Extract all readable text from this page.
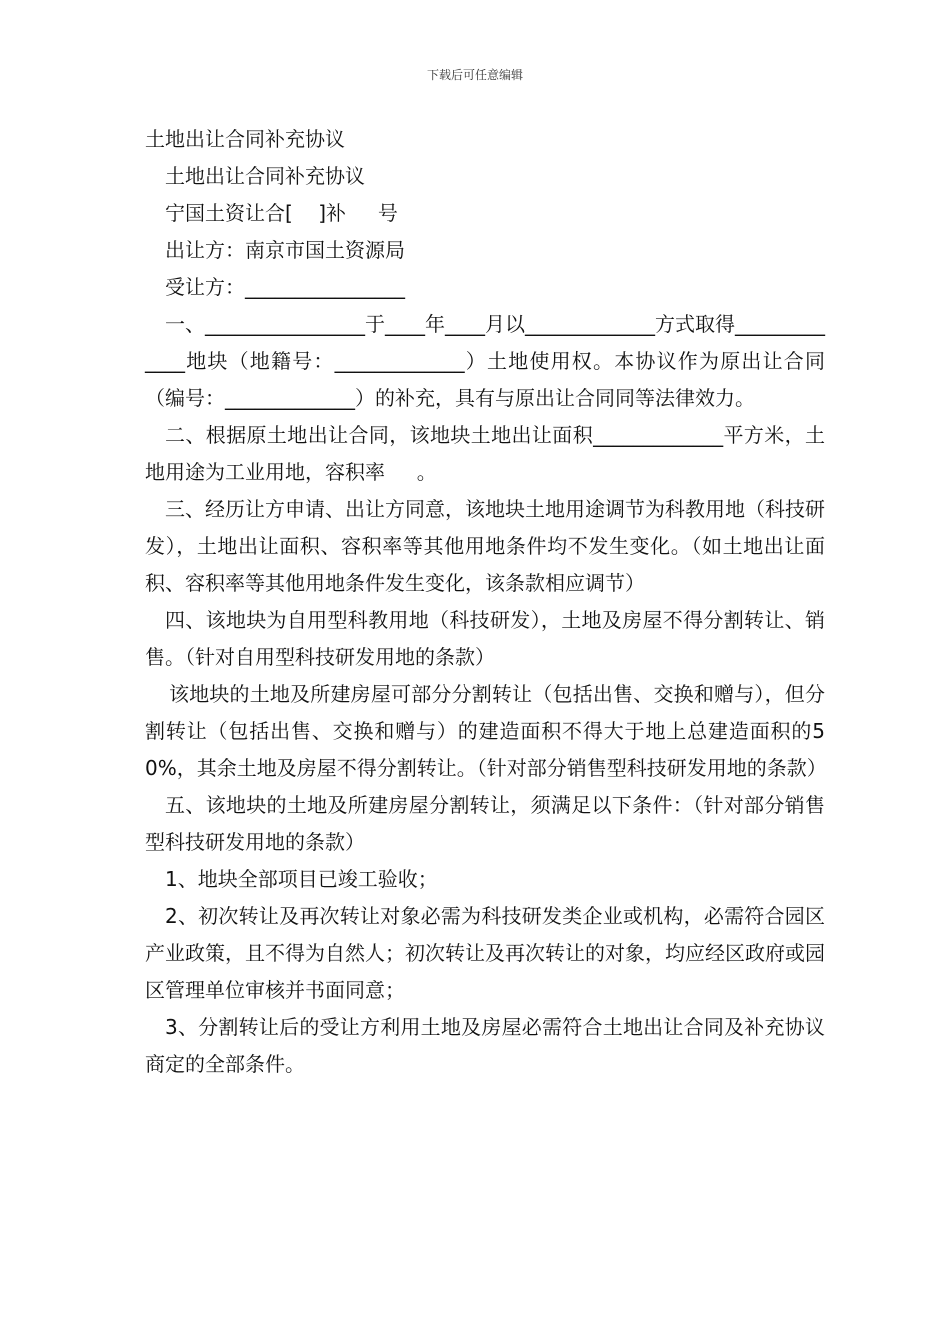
下载后可任意编辑

土地出让合同补充协议

土地出让合同补充协议

宁国土资让合[    ]补     号

出让方：南京市国土资源局

受让方：________________

一、________________于____年____月以_____________方式取得_____________地块（地籍号：_____________）土地使用权。本协议作为原出让合同（编号：_____________）的补充，具有与原出让合同同等法律效力。

二、根据原土地出让合同，该地块土地出让面积_____________平方米，土地用途为工业用地，容积率     。

三、经历让方申请、出让方同意，该地块土地用途调节为科教用地（科技研发），土地出让面积、容积率等其他用地条件均不发生变化。（如土地出让面积、容积率等其他用地条件发生变化，该条款相应调节）

四、该地块为自用型科教用地（科技研发），土地及房屋不得分割转让、销售。（针对自用型科技研发用地的条款）

该地块的土地及所建房屋可部分分割转让（包括出售、交换和赠与），但分割转让（包括出售、交换和赠与）的建造面积不得大于地上总建造面积的50%，其余土地及房屋不得分割转让。（针对部分销售型科技研发用地的条款）

五、该地块的土地及所建房屋分割转让，须满足以下条件：（针对部分销售型科技研发用地的条款）

1、地块全部项目已竣工验收；

2、初次转让及再次转让对象必需为科技研发类企业或机构，必需符合园区产业政策，且不得为自然人；初次转让及再次转让的对象，均应经区政府或园区管理单位审核并书面同意；

3、分割转让后的受让方利用土地及房屋必需符合土地出让合同及补充协议商定的全部条件。
